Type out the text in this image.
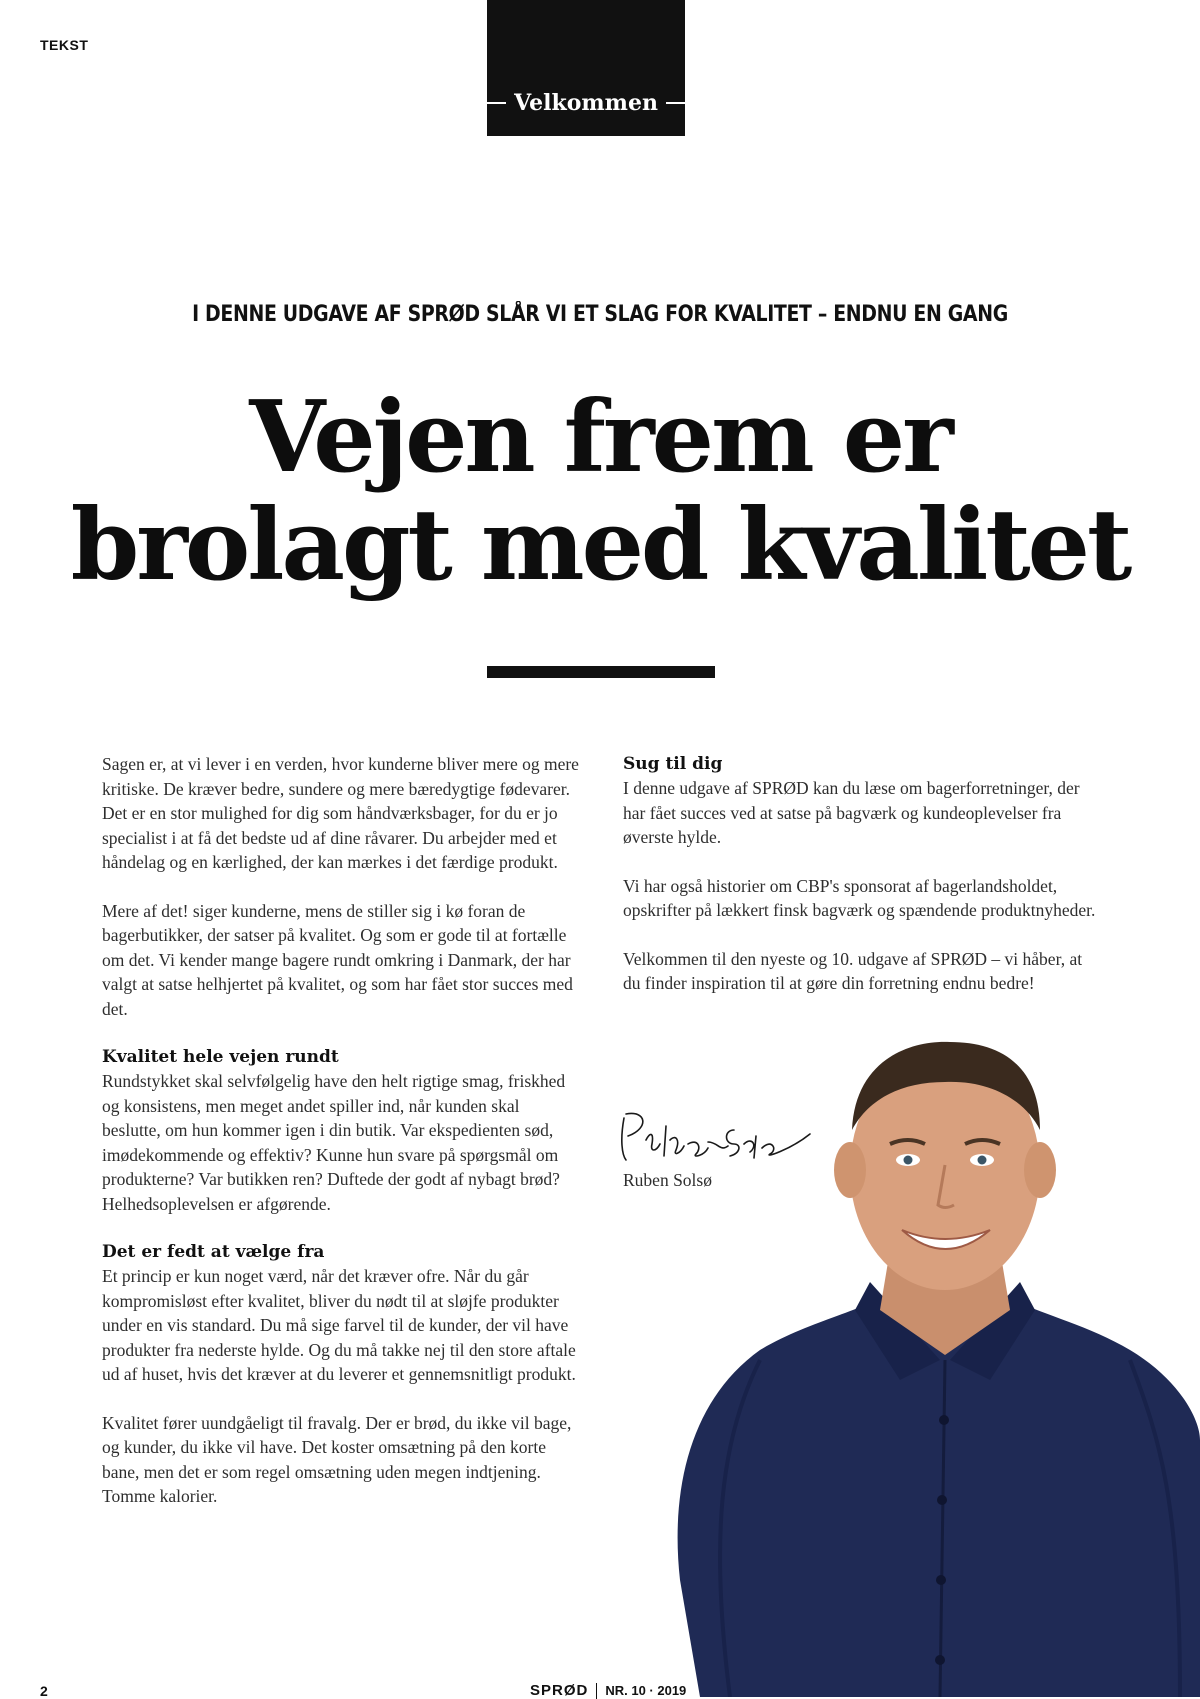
TEKST
Velkommen
I DENNE UDGAVE AF SPRØD SLÅR VI ET SLAG FOR KVALITET – ENDNU EN GANG
Vejen frem er
brolagt med kvalitet

Sagen er, at vi lever i en verden, hvor kunderne bliver mere og mere kritiske. De kræver bedre, sundere og mere bæredygtige fødevarer. Det er en stor mulighed for dig som håndværksbager, for du er jo specialist i at få det bedste ud af dine råvarer. Du arbejder med et håndelag og en kærlighed, der kan mærkes i det færdige produkt.

Mere af det! siger kunderne, mens de stiller sig i kø foran de bagerbutikker, der satser på kvalitet. Og som er gode til at fortælle om det. Vi kender mange bagere rundt omkring i Danmark, der har valgt at satse helhjertet på kvalitet, og som har fået stor succes med det.

Kvalitet hele vejen rundt

Rundstykket skal selvfølgelig have den helt rigtige smag, friskhed og konsistens, men meget andet spiller ind, når kunden skal beslutte, om hun kommer igen i din butik. Var ekspedienten sød, imødekommende og effektiv? Kunne hun svare på spørgsmål om produkterne? Var butikken ren? Duftede der godt af nybagt brød? Helhedsoplevelsen er afgørende.

Det er fedt at vælge fra

Et princip er kun noget værd, når det kræver ofre. Når du går kompromisløst efter kvalitet, bliver du nødt til at sløjfe produkter under en vis standard. Du må sige farvel til de kunder, der vil have produkter fra nederste hylde. Og du må takke nej til den store aftale ud af huset, hvis det kræver at du leverer et gennemsnitligt produkt.

Kvalitet fører uundgåeligt til fravalg. Der er brød, du ikke vil bage, og kunder, du ikke vil have. Det koster omsætning på den korte bane, men det er som regel omsætning uden megen indtjening. Tomme kalorier.

Sug til dig

I denne udgave af SPRØD kan du læse om bagerforretninger, der har fået succes ved at satse på bagværk og kundeoplevelser fra øverste hylde.

Vi har også historier om CBP's sponsorat af bagerlandsholdet, opskrifter på lækkert finsk bagværk og spændende produktnyheder.

Velkommen til den nyeste og 10. udgave af SPRØD – vi håber, at du finder inspiration til at gøre din forretning endnu bedre!

Ruben Solsø
2	SPRØD NR. 10 · 2019
